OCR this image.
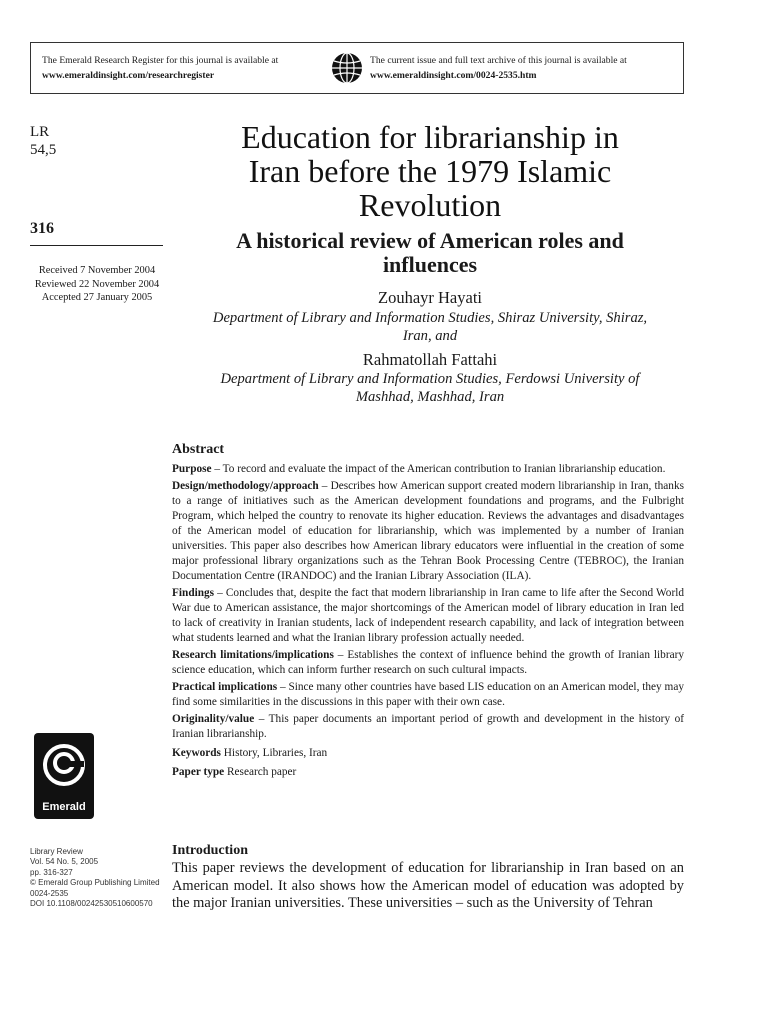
The Emerald Research Register for this journal is available at
www.emeraldinsight.com/researchregister
The current issue and full text archive of this journal is available at
www.emeraldinsight.com/0024-2535.htm
LR
54,5
316
Received 7 November 2004
Reviewed 22 November 2004
Accepted 27 January 2005
Education for librarianship in
Iran before the 1979 Islamic
Revolution
A historical review of American roles and
influences
Zouhayr Hayati
Department of Library and Information Studies, Shiraz University, Shiraz,
Iran, and
Rahmatollah Fattahi
Department of Library and Information Studies, Ferdowsi University of
Mashhad, Mashhad, Iran
Abstract

Purpose – To record and evaluate the impact of the American contribution to Iranian librarianship education.

Design/methodology/approach – Describes how American support created modern librarianship in Iran, thanks to a range of initiatives such as the American development foundations and programs, and the Fulbright Program, which helped the country to renovate its higher education. Reviews the advantages and disadvantages of the American model of education for librarianship, which was implemented by a number of Iranian universities. This paper also describes how American library educators were influential in the creation of some major professional library organizations such as the Tehran Book Processing Centre (TEBROC), the Iranian Documentation Centre (IRANDOC) and the Iranian Library Association (ILA).

Findings – Concludes that, despite the fact that modern librarianship in Iran came to life after the Second World War due to American assistance, the major shortcomings of the American model of library education in Iran led to lack of creativity in Iranian students, lack of independent research capability, and lack of integration between what students learned and what the Iranian library profession actually needed.

Research limitations/implications – Establishes the context of influence behind the growth of Iranian library science education, which can inform further research on such cultural impacts.

Practical implications – Since many other countries have based LIS education on an American model, they may find some similarities in the discussions in this paper with their own case.

Originality/value – This paper documents an important period of growth and development in the history of Iranian librarianship.

Keywords History, Libraries, Iran

Paper type Research paper

Emerald
Library Review
Vol. 54 No. 5, 2005
pp. 316-327
© Emerald Group Publishing Limited
0024-2535
DOI 10.1108/00242530510600570
Introduction
This paper reviews the development of education for librarianship in Iran based on an American model. It also shows how the American model of education was adopted by the major Iranian universities. These universities – such as the University of Tehran
